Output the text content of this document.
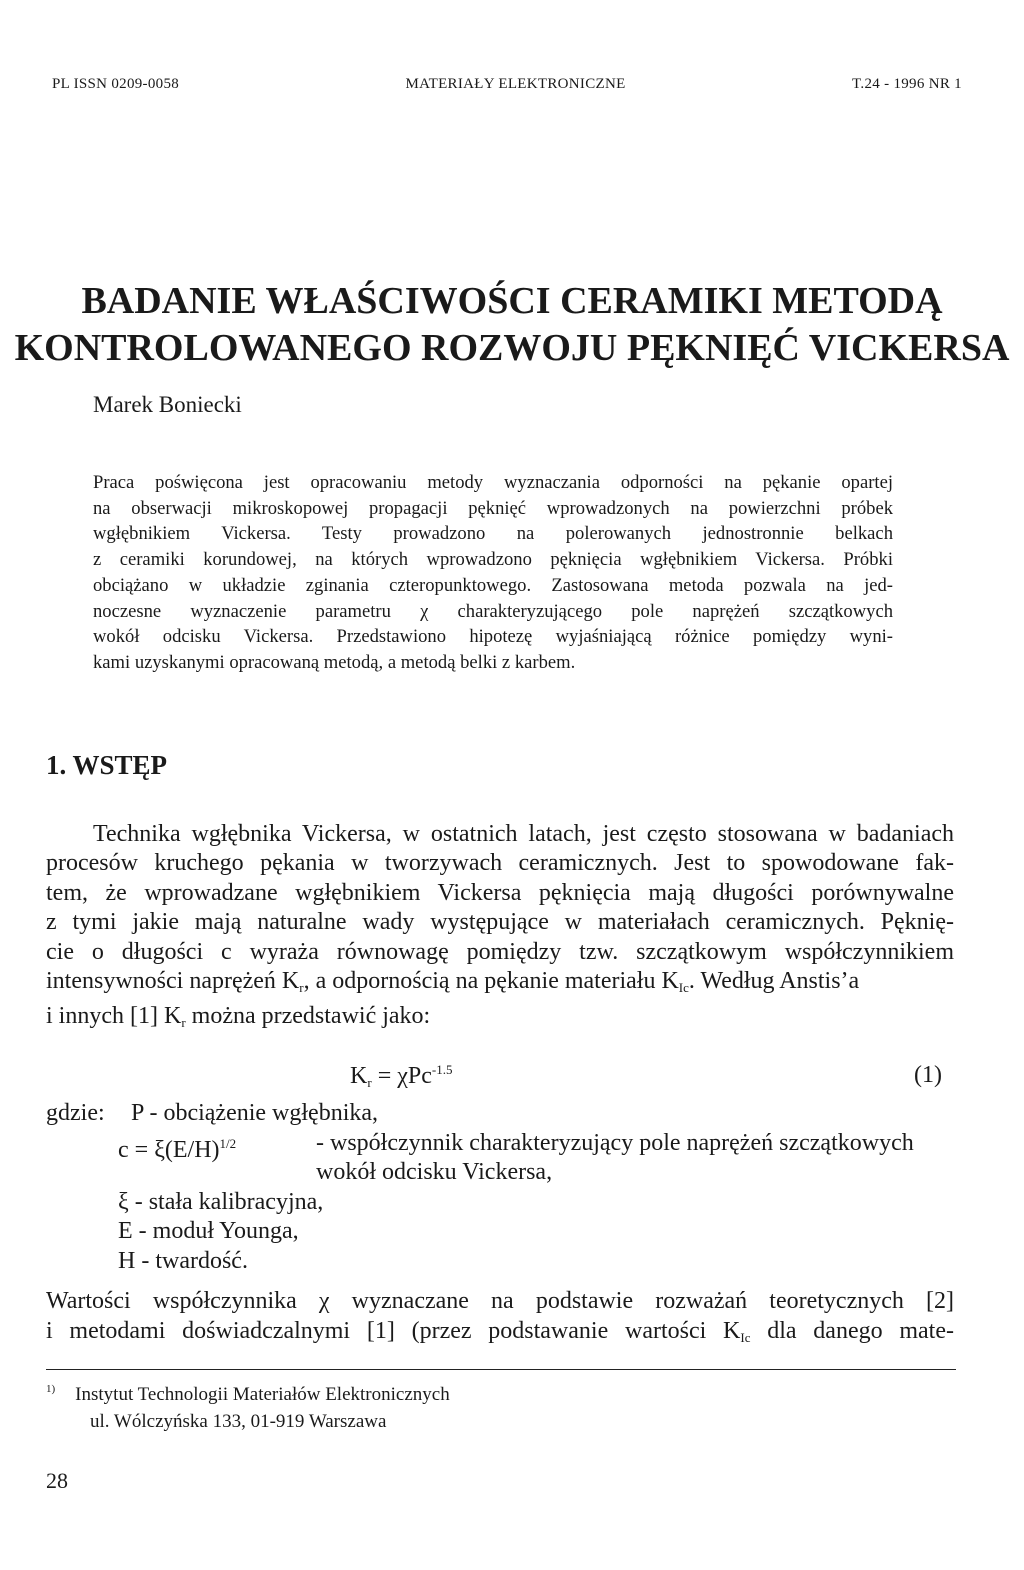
PL ISSN 0209-0058	MATERIAŁY ELEKTRONICZNE	T.24 - 1996 NR 1
BADANIE WŁAŚCIWOŚCI CERAMIKI METODĄ
KONTROLOWANEGO ROZWOJU PĘKNIĘĆ VICKERSA
Marek Boniecki
Praca poświęcona jest opracowaniu metody wyznaczania odporności na pękanie opartej
na obserwacji mikroskopowej propagacji pęknięć wprowadzonych na powierzchni próbek
wgłębnikiem Vickersa. Testy prowadzono na polerowanych jednostronnie belkach
z ceramiki korundowej, na których wprowadzono pęknięcia wgłębnikiem Vickersa. Próbki
obciążano w układzie zginania czteropunktowego. Zastosowana metoda pozwala na jed-
noczesne wyznaczenie parametru χ charakteryzującego pole naprężeń szczątkowych
wokół odcisku Vickersa. Przedstawiono hipotezę wyjaśniającą różnice pomiędzy wyni-
kami uzyskanymi opracowaną metodą, a metodą belki z karbem.
1. WSTĘP
Technika wgłębnika Vickersa, w ostatnich latach, jest często stosowana w badaniach
procesów kruchego pękania w tworzywach ceramicznych. Jest to spowodowane fak-
tem, że wprowadzane wgłębnikiem Vickersa pęknięcia mają długości porównywalne
z tymi jakie mają naturalne wady występujące w materiałach ceramicznych. Pęknię-
cie o długości c wyraża równowagę pomiędzy tzw. szczątkowym współczynnikiem
intensywności naprężeń $K_r$, a odpornością na pękanie materiału $K_{Ic}$. Według Anstis’a
i innych [1] $K_r$ można przedstawić jako:
$K_r = \chi Pc^{-1.5}$	(1)
gdzie: P - obciążenie wgłębnika,
$c = \xi(E/H)^{1/2}$	- współczynnik charakteryzujący pole naprężeń szczątkowych
wokół odcisku Vickersa,
ξ - stała kalibracyjna,
E - moduł Younga,
H - twardość.
Wartości współczynnika χ wyznaczane na podstawie rozważań teoretycznych [2]
i metodami doświadczalnymi [1] (przez podstawanie wartości $K_{Ic}$ dla danego mate-
$^{1)}$ Instytut Technologii Materiałów Elektronicznych
ul. Wólczyńska 133, 01-919 Warszawa
28
